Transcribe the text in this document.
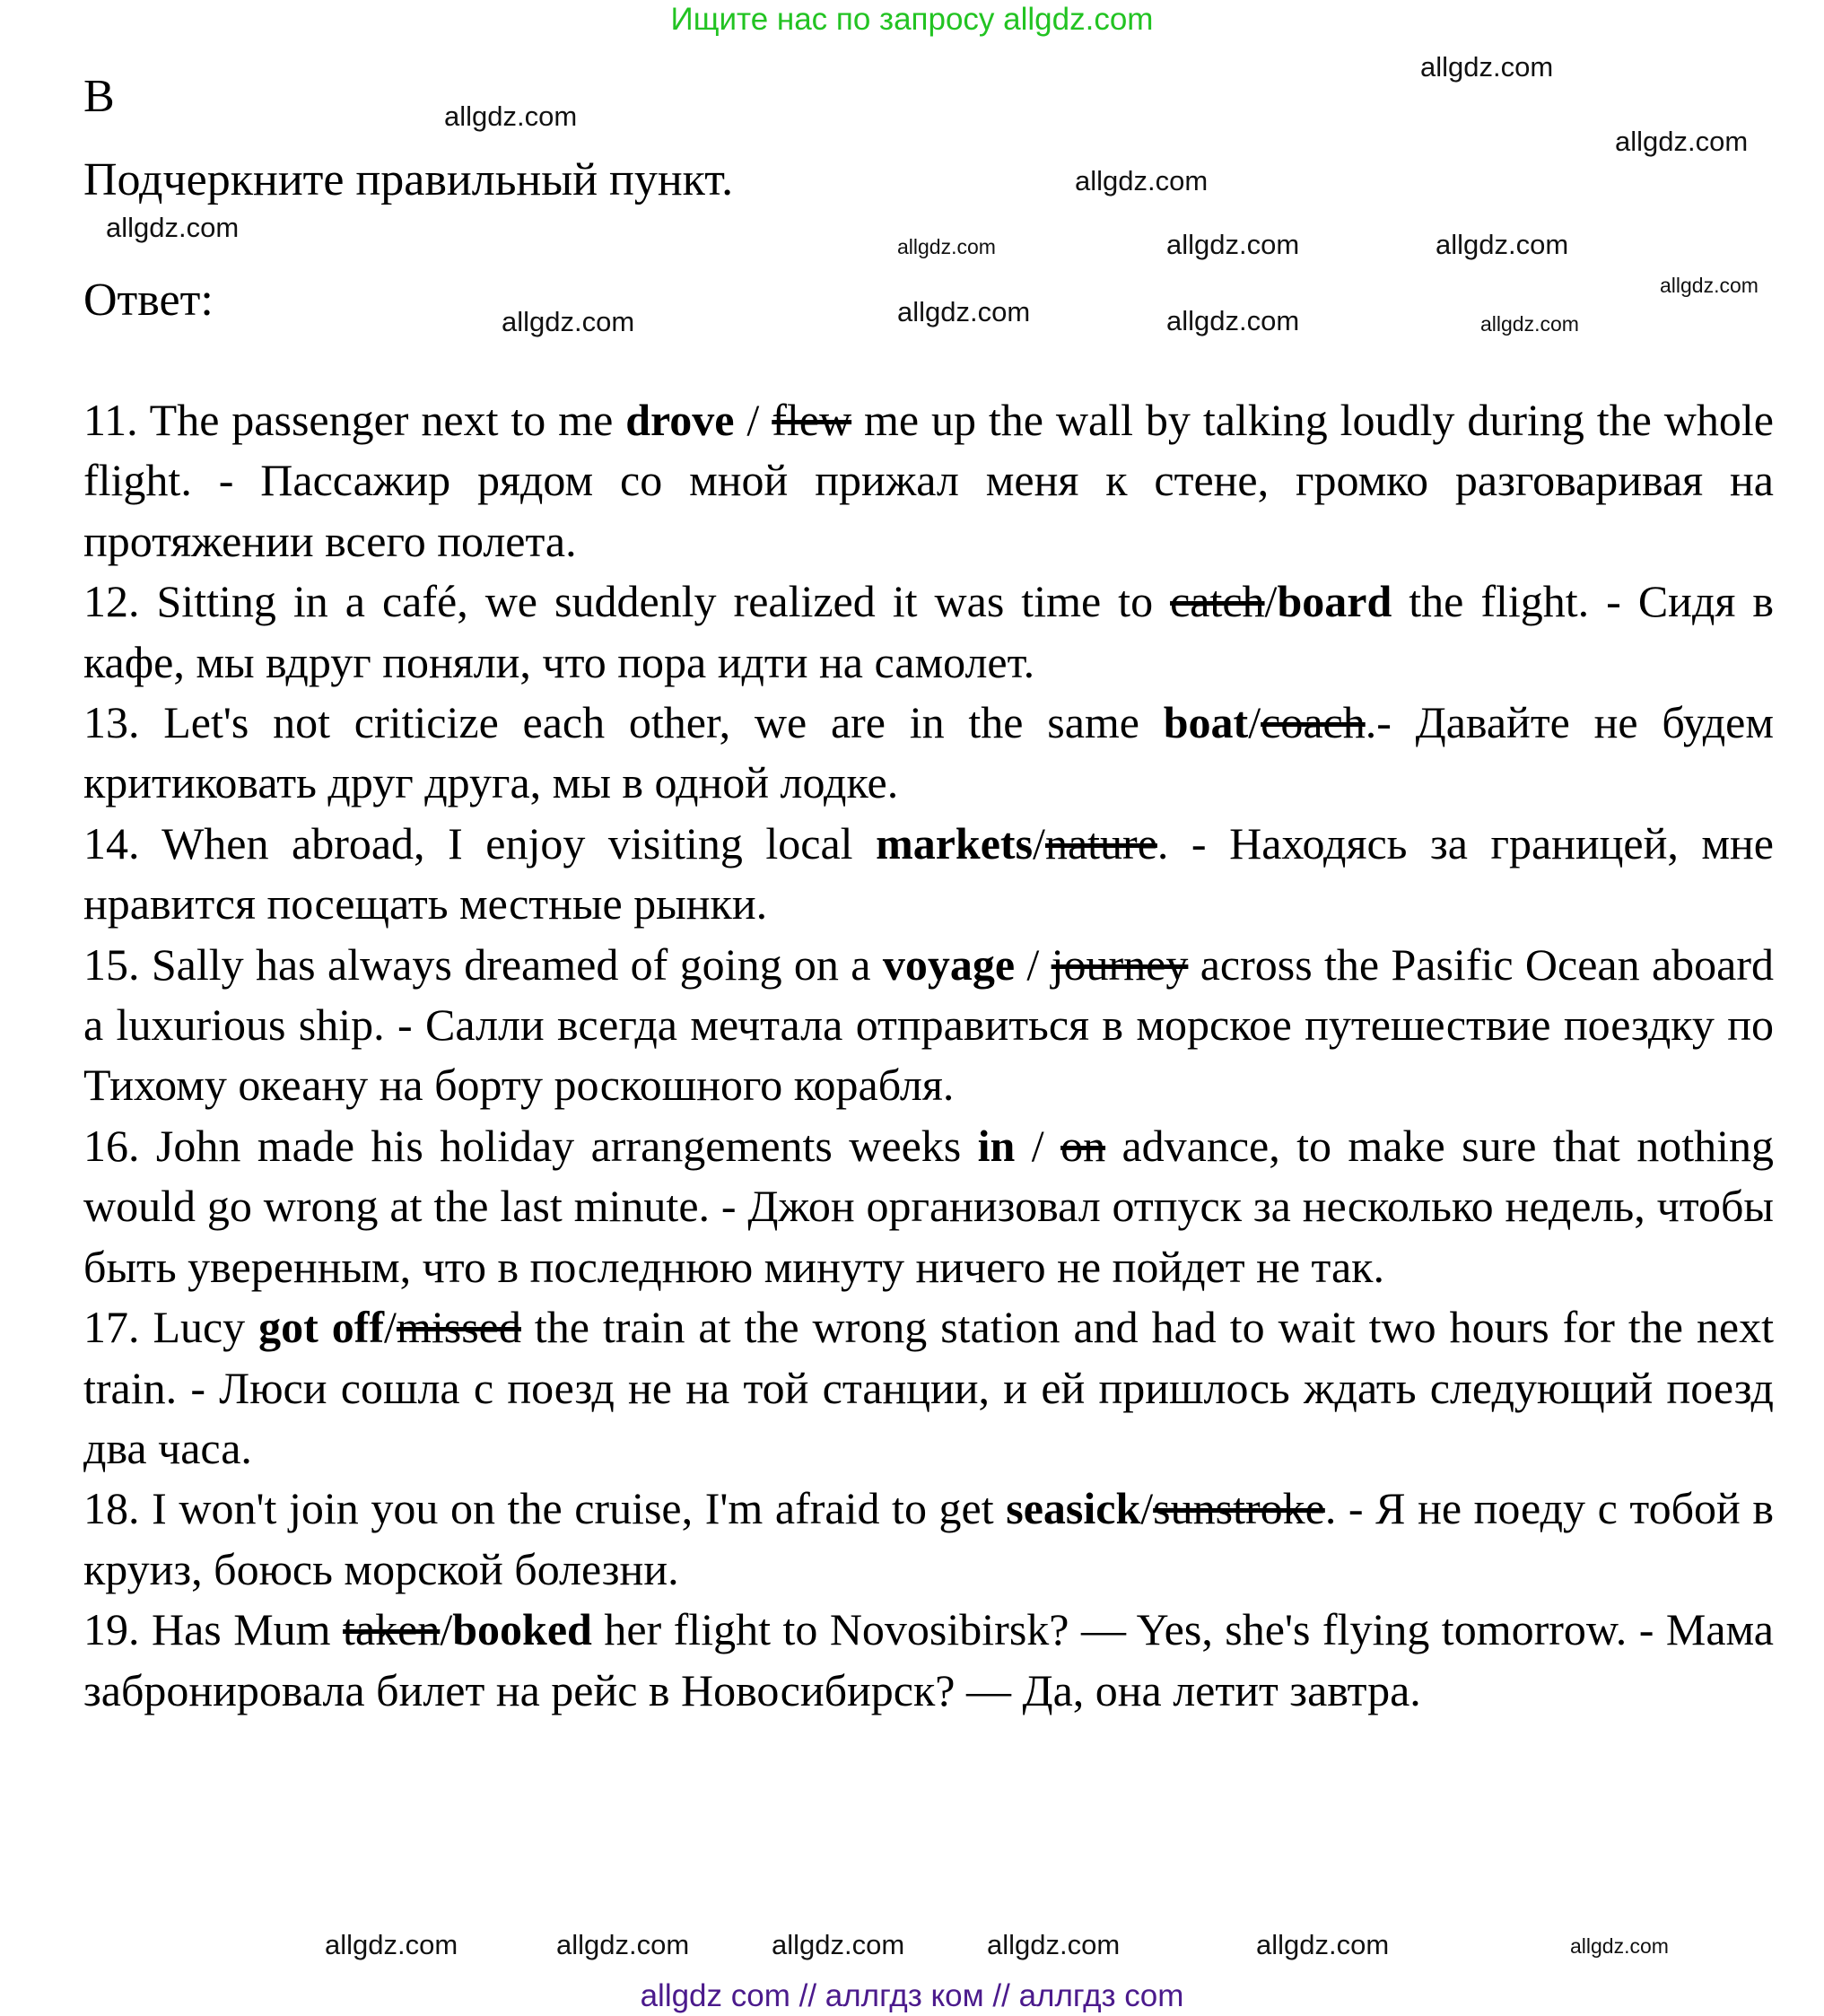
Ищите нас по запросу allgdz.com
B
Подчеркните правильный пункт.
Ответ:

11. The passenger next to me drove / flew me up the wall by talking loudly during the whole flight. - Пассажир рядом со мной прижал меня к стене, громко разговаривая на протяжении всего полета.

12. Sitting in a café, we suddenly realized it was time to catch/board the flight. - Сидя в кафе, мы вдруг поняли, что пора идти на самолет.

13. Let's not criticize each other, we are in the same boat/coach.- Давайте не будем критиковать друг друга, мы в одной лодке.

14. When abroad, I enjoy visiting local markets/nature. - Находясь за границей, мне нравится посещать местные рынки.

15. Sally has always dreamed of going on a voyage / journey across the Pasific Ocean aboard a luxurious ship. - Салли всегда мечтала отправиться в морское путешествие поездку по Тихому океану на борту роскошного корабля.

16. John made his holiday arrangements weeks in / on advance, to make sure that nothing would go wrong at the last minute. - Джон организовал отпуск за несколько недель, чтобы быть уверенным, что в последнюю минуту ничего не пойдет не так.

17. Lucy got off/missed the train at the wrong station and had to wait two hours for the next train. - Люси сошла с поезд не на той станции, и ей пришлось ждать следующий поезд два часа.

18. I won't join you on the cruise, I'm afraid to get seasick/sunstroke. - Я не поеду с тобой в круиз, боюсь морской болезни.

19. Has Mum taken/booked her flight to Novosibirsk? — Yes, she's flying tomorrow. - Мама забронировала билет на рейс в Новосибирск? — Да, она летит завтра.

allgdz.com
allgdz.com
allgdz.com
allgdz.com
allgdz.com
allgdz.com	allgdz.com	allgdz.com
allgdz.com
allgdz.com	allgdz.com	allgdz.com
allgdz.com
allgdz.com	allgdz.com	allgdz.com	allgdz.com
allgdz.com
allgdz.com
allgdz com // аллгдз ком // аллгдз com
